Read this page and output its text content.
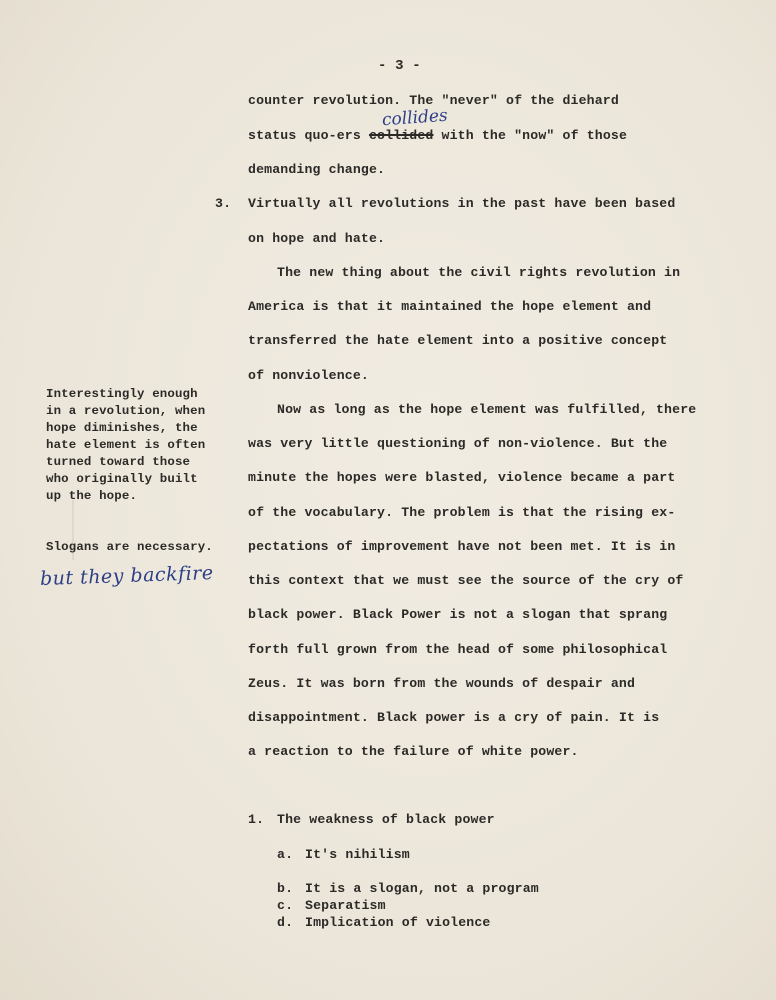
- 3 -
collides
counter revolution. The "never" of the diehard
status quo-ers collided with the "now" of those
demanding change.
3. Virtually all revolutions in the past have been based
on hope and hate.
The new thing about the civil rights revolution in
America is that it maintained the hope element and
transferred the hate element into a positive concept
of nonviolence.
Now as long as the hope element was fulfilled, there
was very little questioning of non-violence. But the
minute the hopes were blasted, violence became a part
of the vocabulary. The problem is that the rising ex-
pectations of improvement have not been met. It is in
this context that we must see the source of the cry of
black power. Black Power is not a slogan that sprang
forth full grown from the head of some philosophical
Zeus. It was born from the wounds of despair and
disappointment. Black power is a cry of pain. It is
a reaction to the failure of white power.
Interestingly enough
in a revolution, when
hope diminishes, the
hate element is often
turned toward those
who originally built
up the hope.
Slogans are necessary.
but they backfire
1. The weakness of black power
a. It's nihilism
b. It is a slogan, not a program
c. Separatism
d. Implication of violence
